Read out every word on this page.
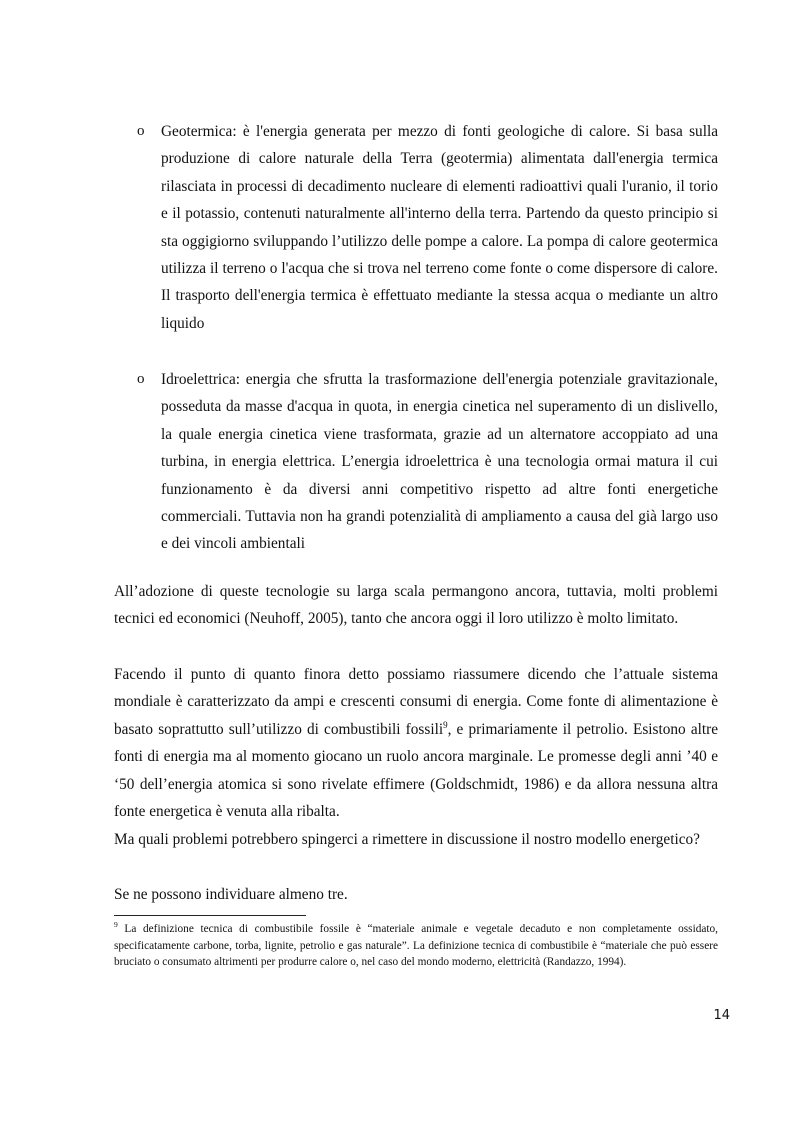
o Geotermica: è l'energia generata per mezzo di fonti geologiche di calore. Si basa sulla produzione di calore naturale della Terra (geotermia) alimentata dall'energia termica rilasciata in processi di decadimento nucleare di elementi radioattivi quali l'uranio, il torio e il potassio, contenuti naturalmente all'interno della terra. Partendo da questo principio si sta oggigiorno sviluppando l’utilizzo delle pompe a calore. La pompa di calore geotermica utilizza il terreno o l'acqua che si trova nel terreno come fonte o come dispersore di calore. Il trasporto dell'energia termica è effettuato mediante la stessa acqua o mediante un altro liquido
o Idroelettrica: energia che sfrutta la trasformazione dell'energia potenziale gravitazionale, posseduta da masse d'acqua in quota, in energia cinetica nel superamento di un dislivello, la quale energia cinetica viene trasformata, grazie ad un alternatore accoppiato ad una turbina, in energia elettrica. L’energia idroelettrica è una tecnologia ormai matura il cui funzionamento è da diversi anni competitivo rispetto ad altre fonti energetiche commerciali. Tuttavia non ha grandi potenzialità di ampliamento a causa del già largo uso e dei vincoli ambientali

All’adozione di queste tecnologie su larga scala permangono ancora, tuttavia, molti problemi tecnici ed economici (Neuhoff, 2005), tanto che ancora oggi il loro utilizzo è molto limitato.

Facendo il punto di quanto finora detto possiamo riassumere dicendo che l’attuale sistema mondiale è caratterizzato da ampi e crescenti consumi di energia. Come fonte di alimentazione è basato soprattutto sull’utilizzo di combustibili fossili$^9$, e primariamente il petrolio. Esistono altre fonti di energia ma al momento giocano un ruolo ancora marginale. Le promesse degli anni ’40 e ‘50 dell’energia atomica si sono rivelate effimere (Goldschmidt, 1986) e da allora nessuna altra fonte energetica è venuta alla ribalta.

Ma quali problemi potrebbero spingerci a rimettere in discussione il nostro modello energetico?

Se ne possono individuare almeno tre.

$^9$ La definizione tecnica di combustibile fossile è “materiale animale e vegetale decaduto e non completamente ossidato, specificatamente carbone, torba, lignite, petrolio e gas naturale”. La definizione tecnica di combustibile è “materiale che può essere bruciato o consumato altrimenti per produrre calore o, nel caso del mondo moderno, elettricità (Randazzo, 1994).

14
